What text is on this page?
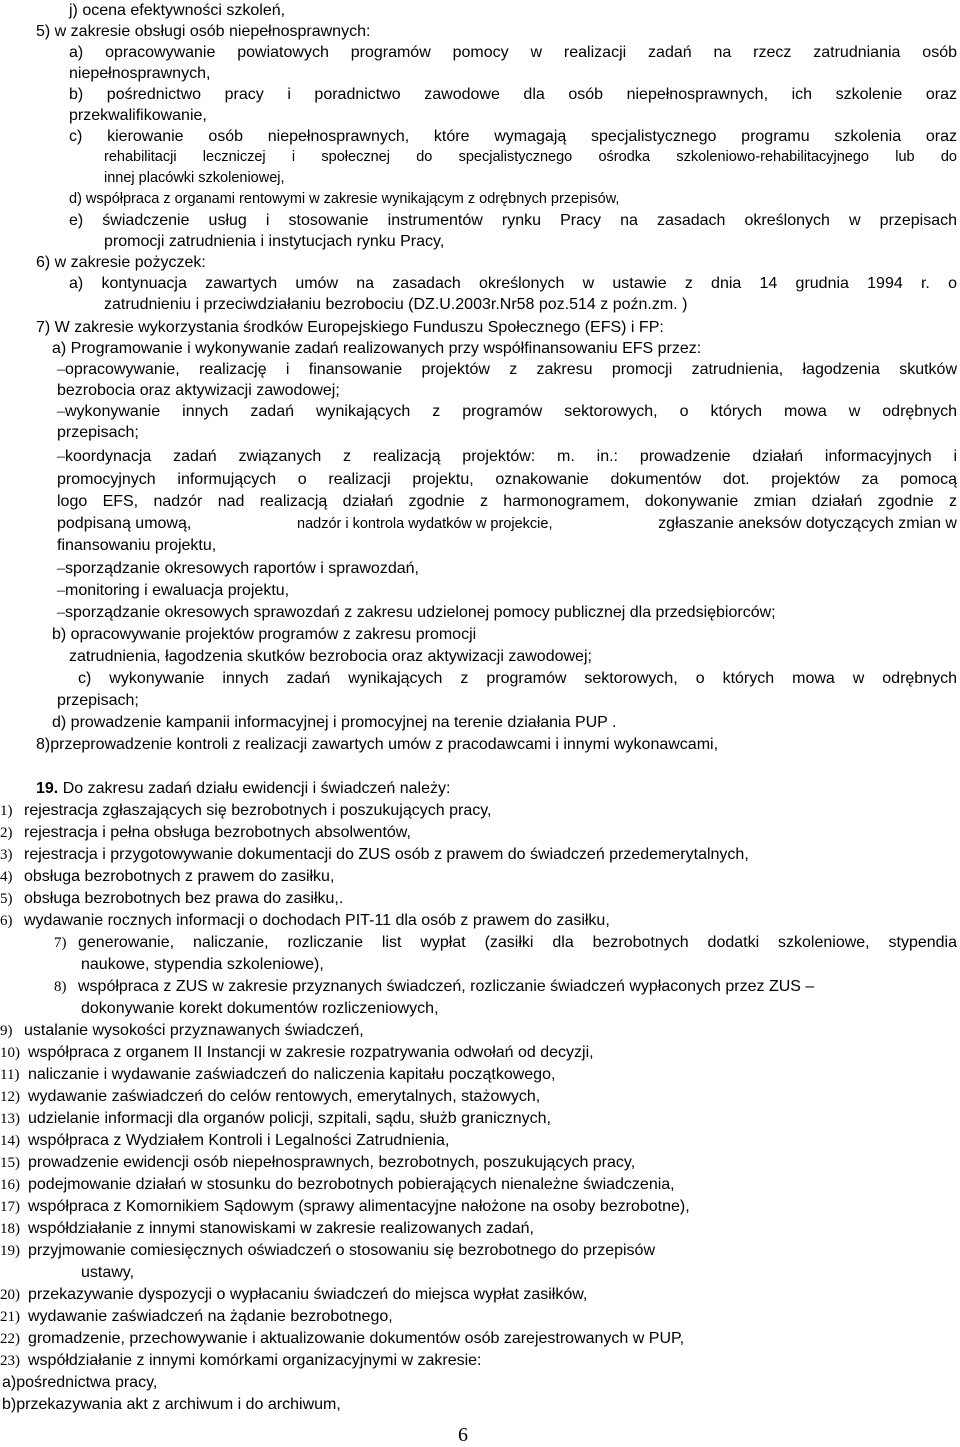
j) ocena efektywności szkoleń,
5) w zakresie obsługi osób niepełnosprawnych:
a) opracowywanie powiatowych programów pomocy w realizacji zadań na rzecz zatrudniania osób
niepełnosprawnych,
b) pośrednictwo pracy i poradnictwo zawodowe dla osób niepełnosprawnych, ich szkolenie oraz
przekwalifikowanie,
c) kierowanie osób niepełnosprawnych, które wymagają specjalistycznego programu szkolenia oraz
rehabilitacji leczniczej i społecznej do specjalistycznego ośrodka szkoleniowo-rehabilitacyjnego lub do
innej placówki szkoleniowej,
d) współpraca z organami rentowymi w zakresie wynikającym z odrębnych przepisów,
e) świadczenie usług i stosowanie instrumentów rynku Pracy na zasadach określonych w przepisach
promocji zatrudnienia i instytucjach rynku Pracy,
6) w zakresie pożyczek:
a) kontynuacja zawartych umów na zasadach określonych w ustawie z dnia 14 grudnia 1994 r. o
zatrudnieniu i przeciwdziałaniu bezrobociu (DZ.U.2003r.Nr58 poz.514 z poźn.zm. )
7) W zakresie wykorzystania środków Europejskiego Funduszu Społecznego (EFS) i FP:
a) Programowanie i wykonywanie zadań realizowanych przy współfinansowaniu EFS przez:
–opracowywanie, realizację i finansowanie projektów z zakresu promocji zatrudnienia, łagodzenia skutków
bezrobocia oraz aktywizacji zawodowej;
–wykonywanie innych zadań wynikających z programów sektorowych, o których mowa w odrębnych
przepisach;
–koordynacja zadań związanych z realizacją projektów: m. in.: prowadzenie działań informacyjnych i
promocyjnych informujących o realizacji projektu, oznakowanie dokumentów dot. projektów za pomocą
logo EFS, nadzór nad realizacją działań zgodnie z harmonogramem, dokonywanie zmian działań zgodnie z
podpisaną umową,	nadzór i kontrola wydatków w projekcie,	zgłaszanie aneksów dotyczących zmian w
finansowaniu projektu,
–sporządzanie okresowych raportów i sprawozdań,
–monitoring i ewaluacja projektu,
–sporządzanie okresowych sprawozdań z zakresu udzielonej pomocy publicznej dla przedsiębiorców;
b) opracowywanie projektów programów z zakresu promocji
zatrudnienia, łagodzenia skutków bezrobocia oraz aktywizacji zawodowej;
c) wykonywanie innych zadań wynikających z programów sektorowych, o których mowa w odrębnych
przepisach;
d) prowadzenie kampanii informacyjnej i promocyjnej na terenie działania PUP .
8)przeprowadzenie kontroli z realizacji zawartych umów z pracodawcami i innymi wykonawcami,
19. Do zakresu zadań działu ewidencji i świadczeń należy:
1) rejestracja zgłaszających się bezrobotnych i poszukujących pracy,
2) rejestracja i pełna obsługa bezrobotnych absolwentów,
3) rejestracja i przygotowywanie dokumentacji do ZUS osób z prawem do świadczeń przedemerytalnych,
4) obsługa bezrobotnych z prawem do zasiłku,
5) obsługa bezrobotnych bez prawa do zasiłku,.
6) wydawanie rocznych informacji o dochodach PIT-11 dla osób z prawem do zasiłku,
7) generowanie, naliczanie, rozliczanie list wypłat (zasiłki dla bezrobotnych dodatki szkoleniowe, stypendia
naukowe, stypendia szkoleniowe),
8) współpraca z ZUS w zakresie przyznanych świadczeń, rozliczanie świadczeń wypłaconych przez ZUS –
dokonywanie korekt dokumentów rozliczeniowych,
9) ustalanie wysokości przyznawanych świadczeń,
10) współpraca z organem II Instancji w zakresie rozpatrywania odwołań od decyzji,
11) naliczanie i wydawanie zaświadczeń do naliczenia kapitału początkowego,
12) wydawanie zaświadczeń do celów rentowych, emerytalnych, stażowych,
13) udzielanie informacji dla organów policji, szpitali, sądu, służb granicznych,
14) współpraca z Wydziałem Kontroli i Legalności Zatrudnienia,
15) prowadzenie ewidencji osób niepełnosprawnych, bezrobotnych, poszukujących pracy,
16) podejmowanie działań w stosunku do bezrobotnych pobierających nienależne świadczenia,
17) współpraca z Komornikiem Sądowym (sprawy alimentacyjne nałożone na osoby bezrobotne),
18) współdziałanie z innymi stanowiskami w zakresie realizowanych zadań,
19) przyjmowanie comiesięcznych oświadczeń o stosowaniu się bezrobotnego do przepisów
ustawy,
20) przekazywanie dyspozycji o wypłacaniu świadczeń do miejsca wypłat zasiłków,
21) wydawanie zaświadczeń na żądanie bezrobotnego,
22) gromadzenie, przechowywanie i aktualizowanie dokumentów osób zarejestrowanych w PUP,
23) współdziałanie z innymi komórkami organizacyjnymi w zakresie:
a)pośrednictwa pracy,
b)przekazywania akt z archiwum i do archiwum,
6
